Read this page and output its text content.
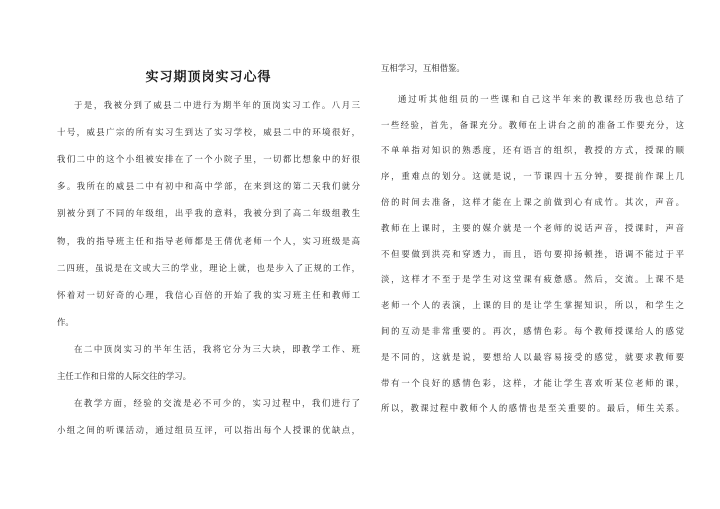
实习期顶岗实习心得
于是，我被分到了威县二中进行为期半年的顶岗实习工作。八月三
十号，威县广宗的所有实习生到达了实习学校，威县二中的环境很好，
我们二中的这个小组被安排在了一个小院子里，一切都比想象中的好很
多。我所在的威县二中有初中和高中学部，在来到这的第二天我们就分
别被分到了不同的年级组，出乎我的意料，我被分到了高二年级组教生
物，我的指导班主任和指导老师都是王倩优老师一个人，实习班级是高
二四班，虽说是在文或大三的学业，理论上就，也是步入了正规的工作，
怀着对一切好奇的心理，我信心百倍的开始了我的实习班主任和教师工
作。
在二中顶岗实习的半年生活，我将它分为三大块，即教学工作、班
主任工作和日常的人际交往的学习。
在教学方面，经验的交流是必不可少的，实习过程中，我们进行了
小组之间的听课活动，通过组员互评，可以指出每个人授课的优缺点，
互相学习，互相借鉴。
通过听其他组员的一些课和自己这半年来的教课经历我也总结了
一些经验，首先，备课充分。教师在上讲台之前的准备工作要充分，这
不单单指对知识的熟悉度，还有语言的组织，教授的方式，授课的顺
序，重难点的划分。这就是说，一节课四十五分钟，要提前作课上几
倍的时间去准备，这样才能在上课之前做到心有成竹。其次，声音。
教师在上课时，主要的媒介就是一个老师的说话声音，授课时，声音
不但要做到洪亮和穿透力，而且，语句要抑扬顿挫，语调不能过于平
淡，这样才不至于是学生对这堂课有疲惫感。然后，交流。上课不是
老师一个人的表演，上课的目的是让学生掌握知识，所以，和学生之
间的互动是非常重要的。再次，感情色彩。每个教师授课给人的感觉
是不同的，这就是说，要想给人以最容易接受的感觉，就要求教师要
带有一个良好的感情色彩，这样，才能让学生喜欢听某位老师的课，
所以，教课过程中教师个人的感情也是至关重要的。最后，师生关系。
